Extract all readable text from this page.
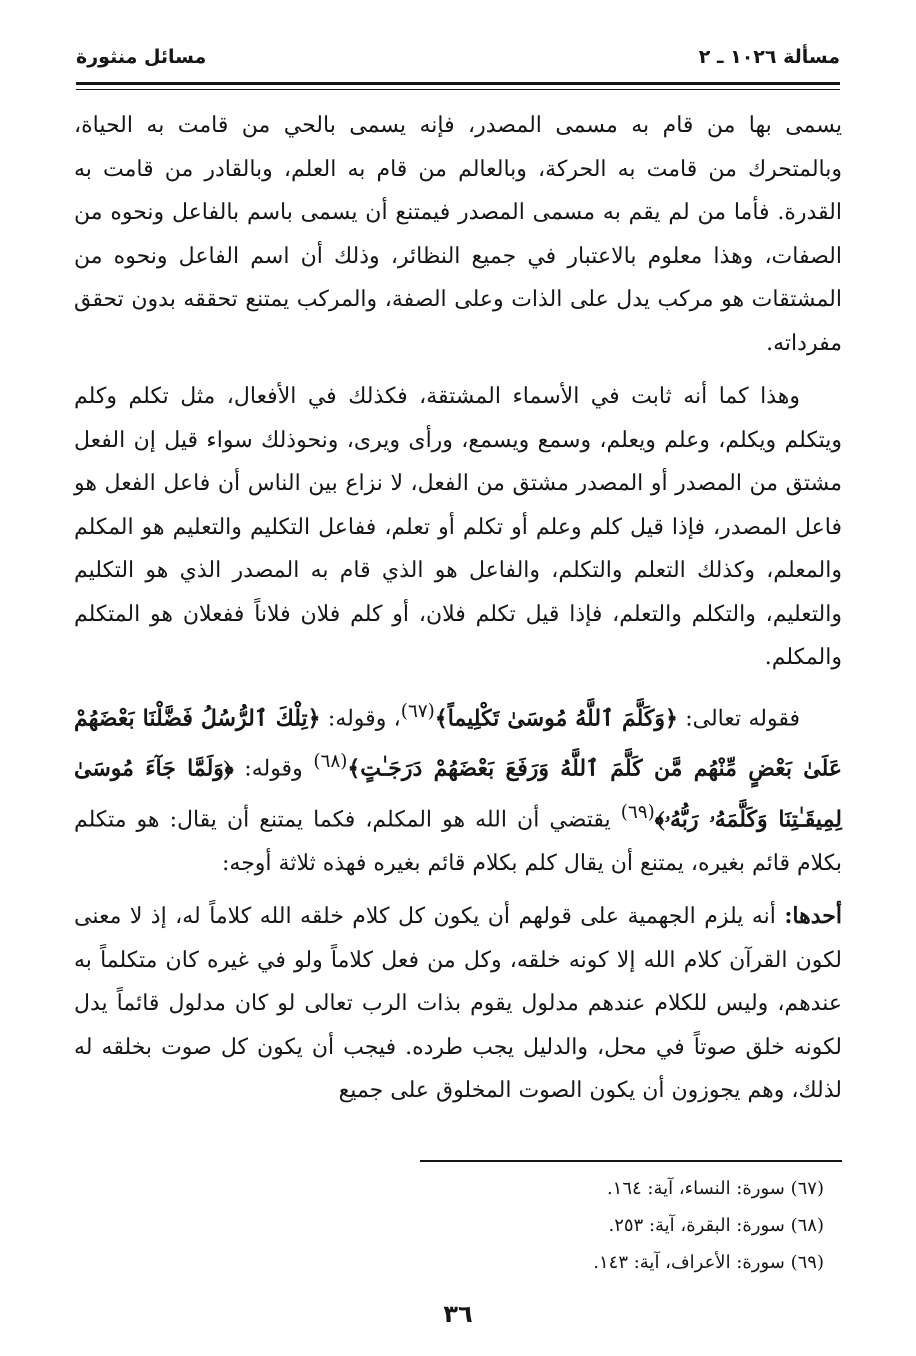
مسألة ١٠٢٦ ـ ٢
مسائل منثورة

يسمى بها من قام به مسمى المصدر، فإنه يسمى بالحي من قامت به الحياة، وبالمتحرك من قامت به الحركة، وبالعالم من قام به العلم، وبالقادر من قامت به القدرة. فأما من لم يقم به مسمى المصدر فيمتنع أن يسمى باسم بالفاعل ونحوه من الصفات، وهذا معلوم بالاعتبار في جميع النظائر، وذلك أن اسم الفاعل ونحوه من المشتقات هو مركب يدل على الذات وعلى الصفة، والمركب يمتنع تحققه بدون تحقق مفرداته.

وهذا كما أنه ثابت في الأسماء المشتقة، فكذلك في الأفعال، مثل تكلم وكلم ويتكلم ويكلم، وعلم ويعلم، وسمع ويسمع، ورأى ويرى، ونحوذلك سواء قيل إن الفعل مشتق من المصدر أو المصدر مشتق من الفعل، لا نزاع بين الناس أن فاعل الفعل هو فاعل المصدر، فإذا قيل كلم وعلم أو تكلم أو تعلم، ففاعل التكليم والتعليم هو المكلم والمعلم، وكذلك التعلم والتكلم، والفاعل هو الذي قام به المصدر الذي هو التكليم والتعليم، والتكلم والتعلم، فإذا قيل تكلم فلان، أو كلم فلان فلاناً ففعلان هو المتكلم والمكلم.

فقوله تعالى: ﴿وَكَلَّمَ ٱللَّهُ مُوسَىٰ تَكْلِيماً﴾$^{(٦٧)}$، وقوله: ﴿تِلْكَ ٱلرُّسُلُ فَضَّلْنَا بَعْضَهُمْ عَلَىٰ بَعْضٍ مِّنْهُم مَّن كَلَّمَ ٱللَّهُ وَرَفَعَ بَعْضَهُمْ دَرَجَـٰتٍ﴾$^{(٦٨)}$ وقوله: ﴿وَلَمَّا جَآءَ مُوسَىٰ لِمِيقَـٰتِنَا وَكَلَّمَهُۥ رَبُّهُۥ﴾$^{(٦٩)}$ يقتضي أن الله هو المكلم، فكما يمتنع أن يقال: هو متكلم بكلام قائم بغيره، يمتنع أن يقال كلم بكلام قائم بغيره فهذه ثلاثة أوجه:

أحدها: أنه يلزم الجهمية على قولهم أن يكون كل كلام خلقه الله كلاماً له، إذ لا معنى لكون القرآن كلام الله إلا كونه خلقه، وكل من فعل كلاماً ولو في غيره كان متكلماً به عندهم، وليس للكلام عندهم مدلول يقوم بذات الرب تعالى لو كان مدلول قائماً يدل لكونه خلق صوتاً في محل، والدليل يجب طرده. فيجب أن يكون كل صوت بخلقه له لذلك، وهم يجوزون أن يكون الصوت المخلوق على جميع

(٦٧) سورة: النساء، آية: ١٦٤.
(٦٨) سورة: البقرة، آية: ٢٥٣.
(٦٩) سورة: الأعراف، آية: ١٤٣.
٣٦
